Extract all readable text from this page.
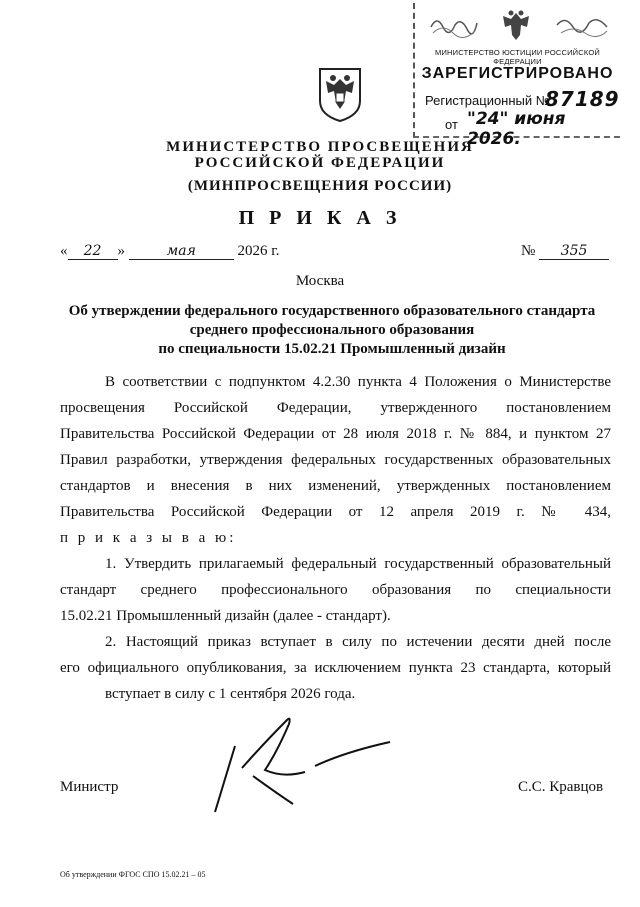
МИНИСТЕРСТВО ЮСТИЦИИ РОССИЙСКОЙ ФЕДЕРАЦИИ
ЗАРЕГИСТРИРОВАНО
Регистрационный №
87189
от "24" июня 2026.
МИНИСТЕРСТВО ПРОСВЕЩЕНИЯ
РОССИЙСКОЙ ФЕДЕРАЦИИ
(МИНПРОСВЕЩЕНИЯ РОССИИ)
П Р И К А З
« 22 »	мая	2026 г.	№ 355
Москва
Об утверждении федерального государственного образовательного стандарта
среднего профессионального образования
по специальности 15.02.21 Промышленный дизайн
В соответствии с подпунктом 4.2.30 пункта 4 Положения о Министерстве
просвещения Российской Федерации, утвержденного постановлением
Правительства Российской Федерации от 28 июля 2018 г. № 884, и пунктом 27
Правил разработки, утверждения федеральных государственных образовательных
стандартов и внесения в них изменений, утвержденных постановлением
Правительства Российской Федерации от 12 апреля 2019 г. № 434,
п р и к а з ы в а ю:
1. Утвердить прилагаемый федеральный государственный образовательный
стандарт среднего профессионального образования по специальности
15.02.21 Промышленный дизайн (далее - стандарт).
2. Настоящий приказ вступает в силу по истечении десяти дней после
его официального опубликования, за исключением пункта 23 стандарта, который
вступает в силу с 1 сентября 2026 года.
Министр	С.С. Кравцов
Об утверждении ФГОС СПО 15.02.21 – 05
